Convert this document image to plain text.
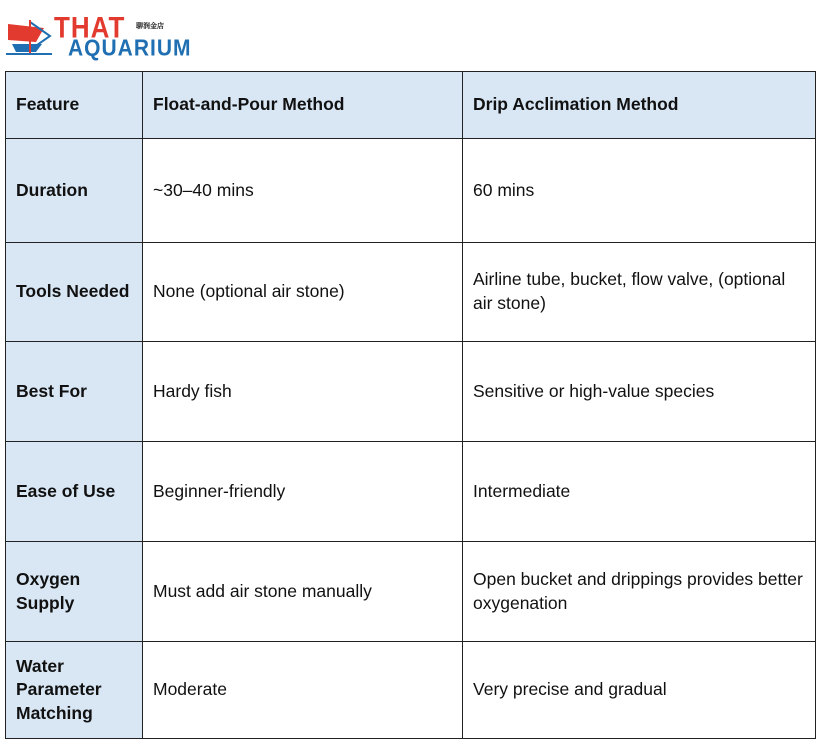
THAT 聊润金店
AQUARIUM
Feature	Float-and-Pour Method	Drip Acclimation Method
Duration	~30–40 mins	60 mins
Tools Needed	None (optional air stone)	Airline tube, bucket, flow valve, (optional air stone)
Best For	Hardy fish	Sensitive or high-value species
Ease of Use	Beginner-friendly	Intermediate
Oxygen Supply	Must add air stone manually	Open bucket and drippings provides better oxygenation
Water Parameter Matching	Moderate	Very precise and gradual
